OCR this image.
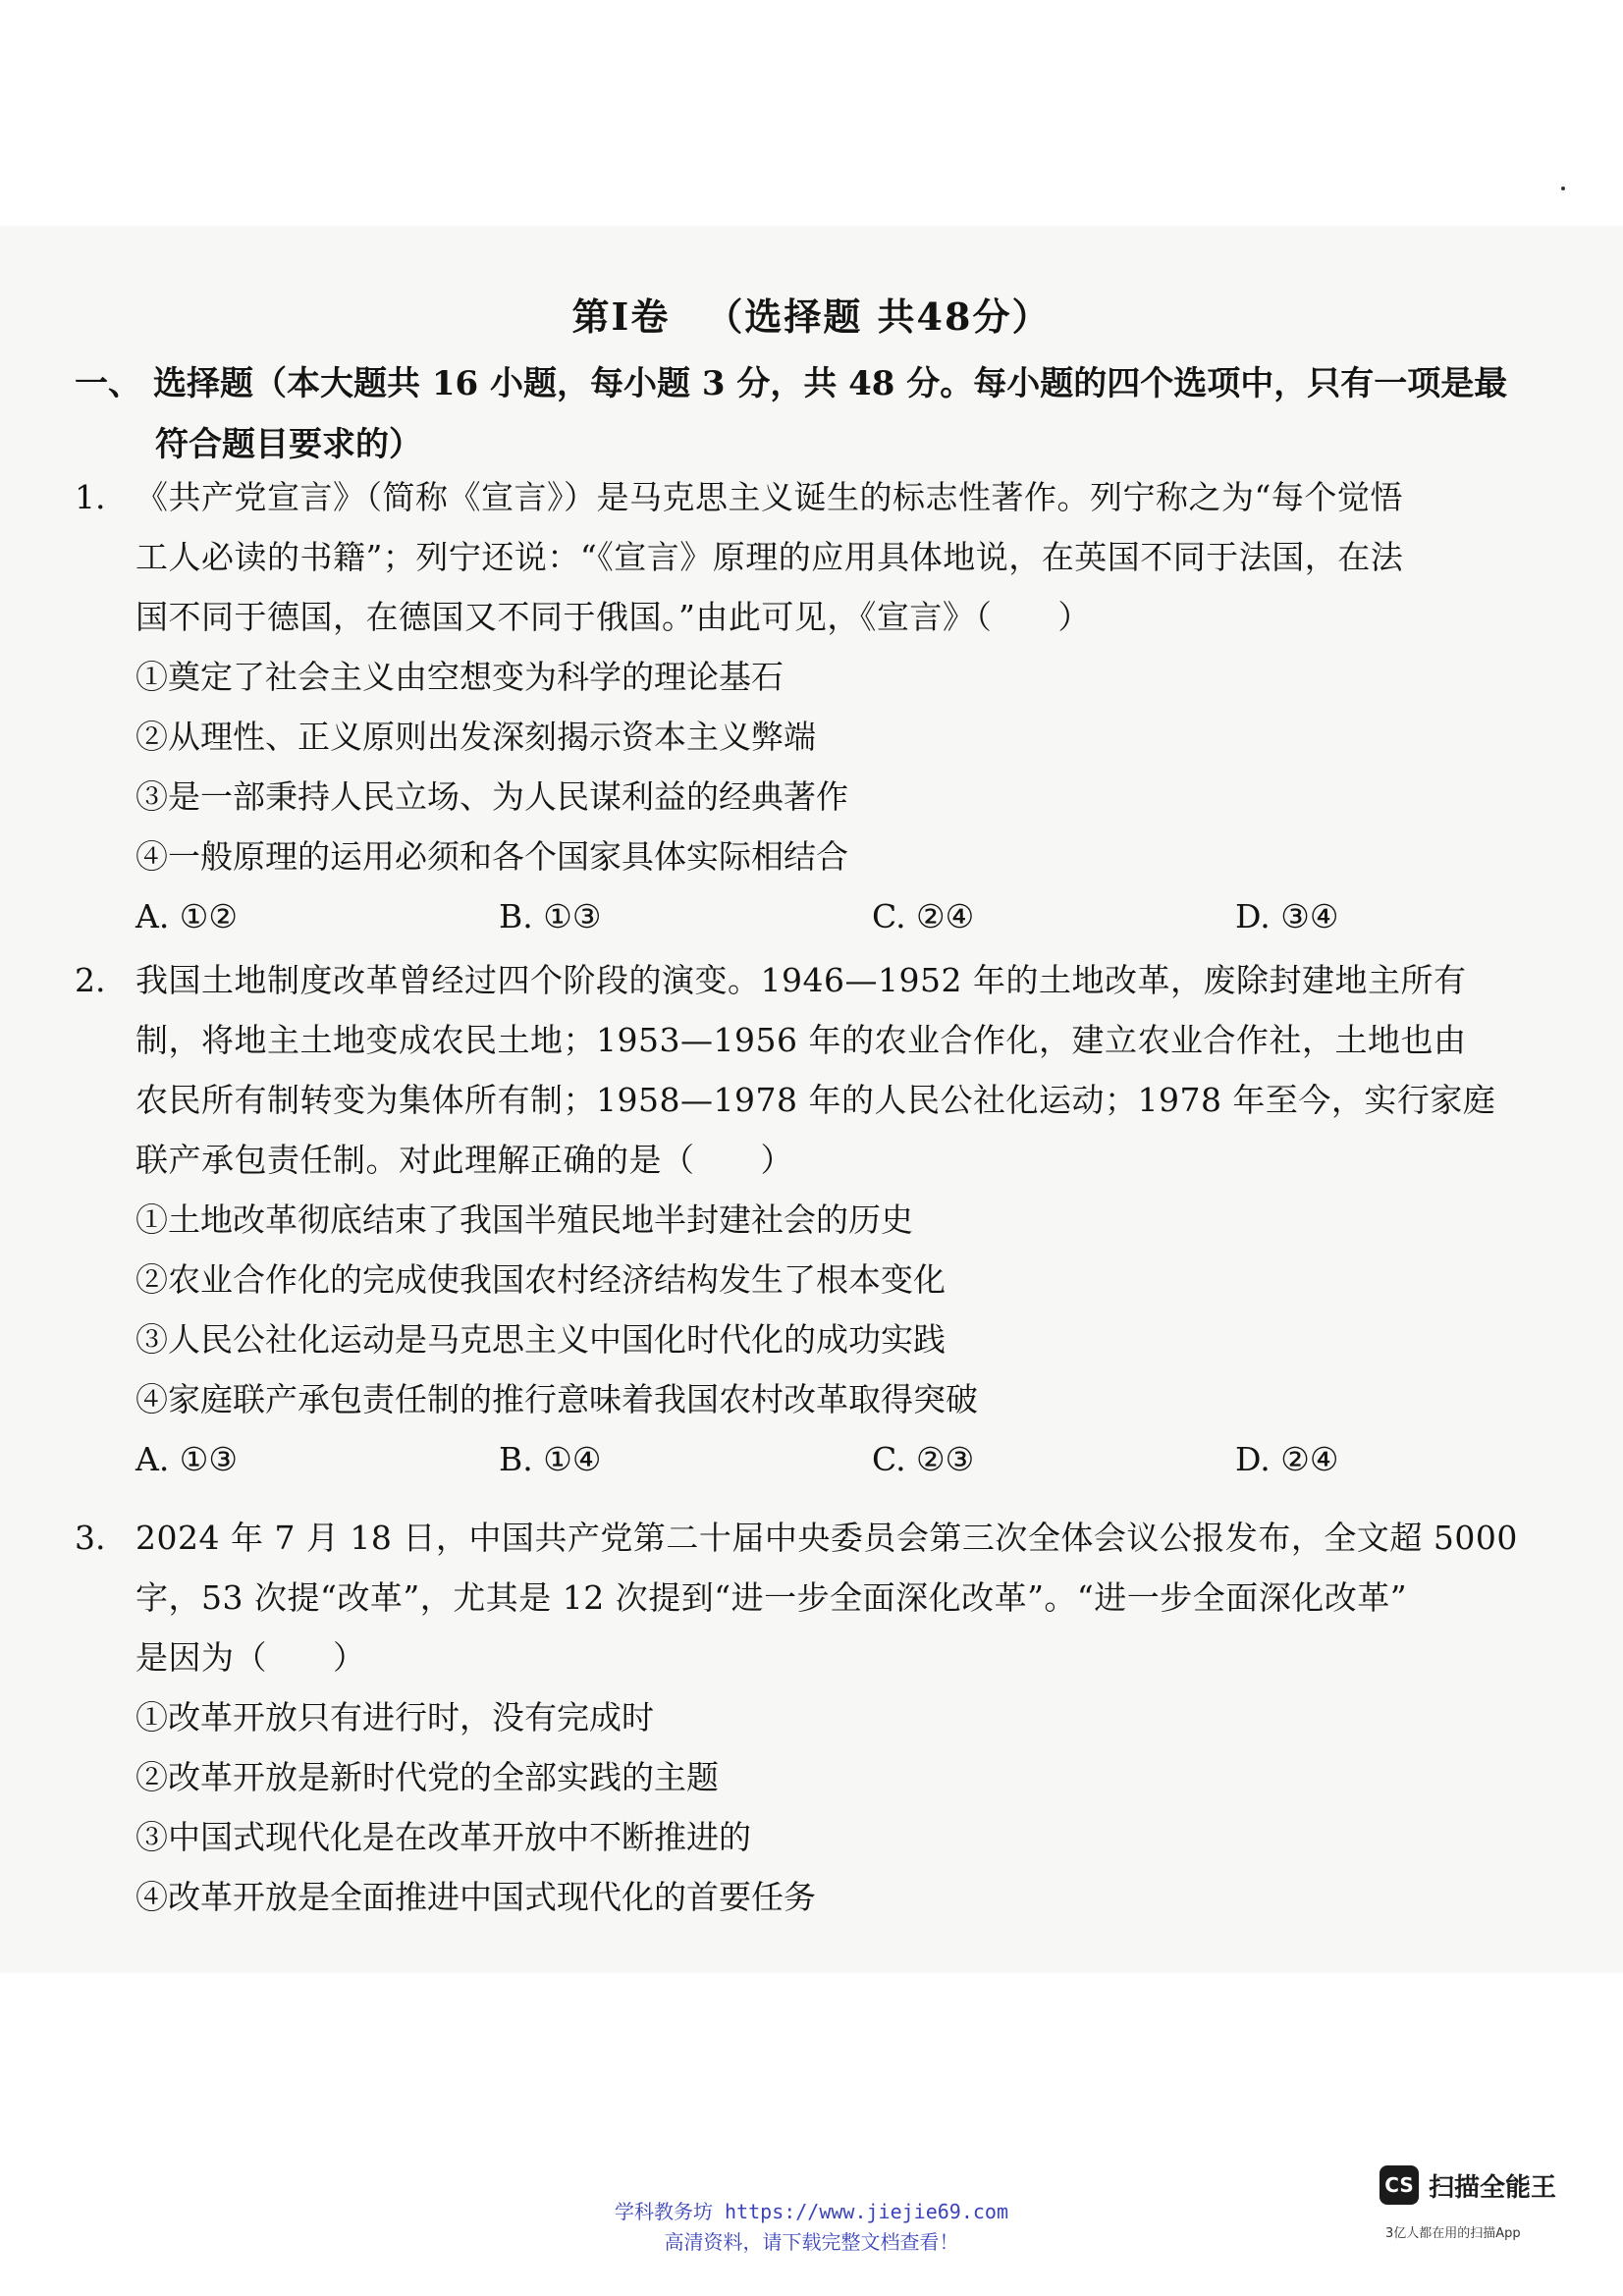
第Ⅰ卷 （选择题 共48分）
一、 选择题（本大题共 16 小题，每小题 3 分，共 48 分。每小题的四个选项中，只有一项是最
符合题目要求的）
1. 《共产党宣言》（简称《宣言》）是马克思主义诞生的标志性著作。列宁称之为“每个觉悟
工人必读的书籍”；列宁还说：“《宣言》原理的应用具体地说，在英国不同于法国，在法
国不同于德国，在德国又不同于俄国。”由此可见，《宣言》（　　）
①奠定了社会主义由空想变为科学的理论基石
②从理性、正义原则出发深刻揭示资本主义弊端
③是一部秉持人民立场、为人民谋利益的经典著作
④一般原理的运用必须和各个国家具体实际相结合
A. ①②	B. ①③	C. ②④	D. ③④
2. 我国土地制度改革曾经过四个阶段的演变。1946—1952 年的土地改革，废除封建地主所有
制，将地主土地变成农民土地；1953—1956 年的农业合作化，建立农业合作社，土地也由
农民所有制转变为集体所有制；1958—1978 年的人民公社化运动；1978 年至今，实行家庭
联产承包责任制。对此理解正确的是（　　）
①土地改革彻底结束了我国半殖民地半封建社会的历史
②农业合作化的完成使我国农村经济结构发生了根本变化
③人民公社化运动是马克思主义中国化时代化的成功实践
④家庭联产承包责任制的推行意味着我国农村改革取得突破
A. ①③	B. ①④	C. ②③	D. ②④
3. 2024 年 7 月 18 日，中国共产党第二十届中央委员会第三次全体会议公报发布，全文超 5000
字，53 次提“改革”，尤其是 12 次提到“进一步全面深化改革”。“进一步全面深化改革”
是因为（　　）
①改革开放只有进行时，没有完成时
②改革开放是新时代党的全部实践的主题
③中国式现代化是在改革开放中不断推进的
④改革开放是全面推进中国式现代化的首要任务
学科教务坊 https://www.jiejie69.com
高清资料，请下载完整文档查看！
CS 扫描全能王
3亿人都在用的扫描App
